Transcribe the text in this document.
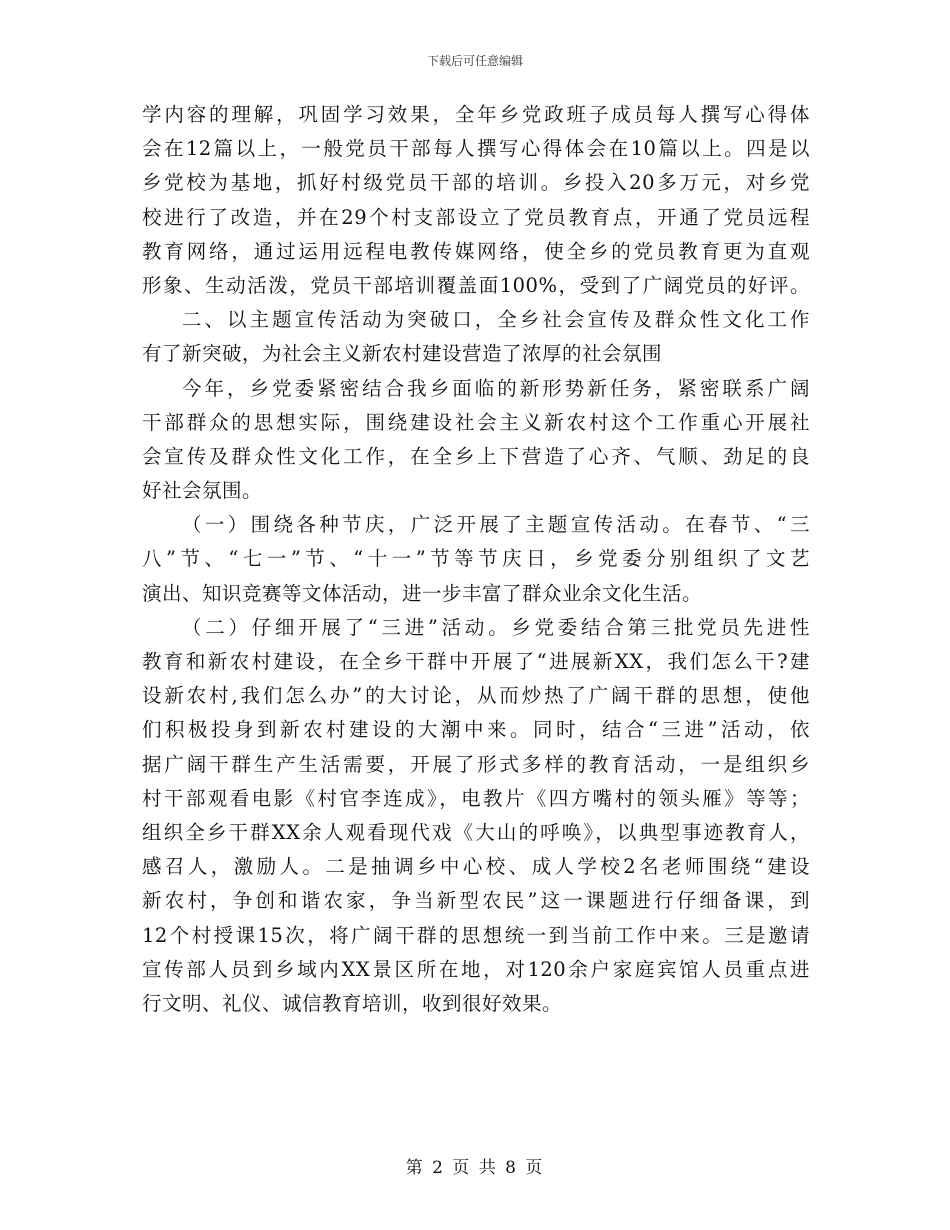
下载后可任意编辑
学内容的理解，巩固学习效果，全年乡党政班子成员每人撰写心得体
会在12篇以上，一般党员干部每人撰写心得体会在10篇以上。四是以
乡党校为基地，抓好村级党员干部的培训。乡投入20多万元，对乡党
校进行了改造，并在29个村支部设立了党员教育点，开通了党员远程
教育网络，通过运用远程电教传媒网络，使全乡的党员教育更为直观
形象、生动活泼，党员干部培训覆盖面100%，受到了广阔党员的好评。
二、以主题宣传活动为突破口，全乡社会宣传及群众性文化工作
有了新突破，为社会主义新农村建设营造了浓厚的社会氛围
今年，乡党委紧密结合我乡面临的新形势新任务，紧密联系广阔
干部群众的思想实际，围绕建设社会主义新农村这个工作重心开展社
会宣传及群众性文化工作，在全乡上下营造了心齐、气顺、劲足的良
好社会氛围。
（一）围绕各种节庆，广泛开展了主题宣传活动。在春节、“三
八”节、“七一”节、“十一”节等节庆日，乡党委分别组织了文艺
演出、知识竞赛等文体活动，进一步丰富了群众业余文化生活。
（二）仔细开展了“三进”活动。乡党委结合第三批党员先进性
教育和新农村建设，在全乡干群中开展了“进展新XX，我们怎么干?建
设新农村,我们怎么办”的大讨论，从而炒热了广阔干群的思想，使他
们积极投身到新农村建设的大潮中来。同时，结合“三进”活动，依
据广阔干群生产生活需要，开展了形式多样的教育活动，一是组织乡
村干部观看电影《村官李连成》，电教片《四方嘴村的领头雁》等等；
组织全乡干群XX余人观看现代戏《大山的呼唤》，以典型事迹教育人，
感召人，激励人。二是抽调乡中心校、成人学校2名老师围绕“建设
新农村，争创和谐农家，争当新型农民”这一课题进行仔细备课，到
12个村授课15次，将广阔干群的思想统一到当前工作中来。三是邀请
宣传部人员到乡域内XX景区所在地，对120余户家庭宾馆人员重点进
行文明、礼仪、诚信教育培训，收到很好效果。
第 2 页 共 8 页
